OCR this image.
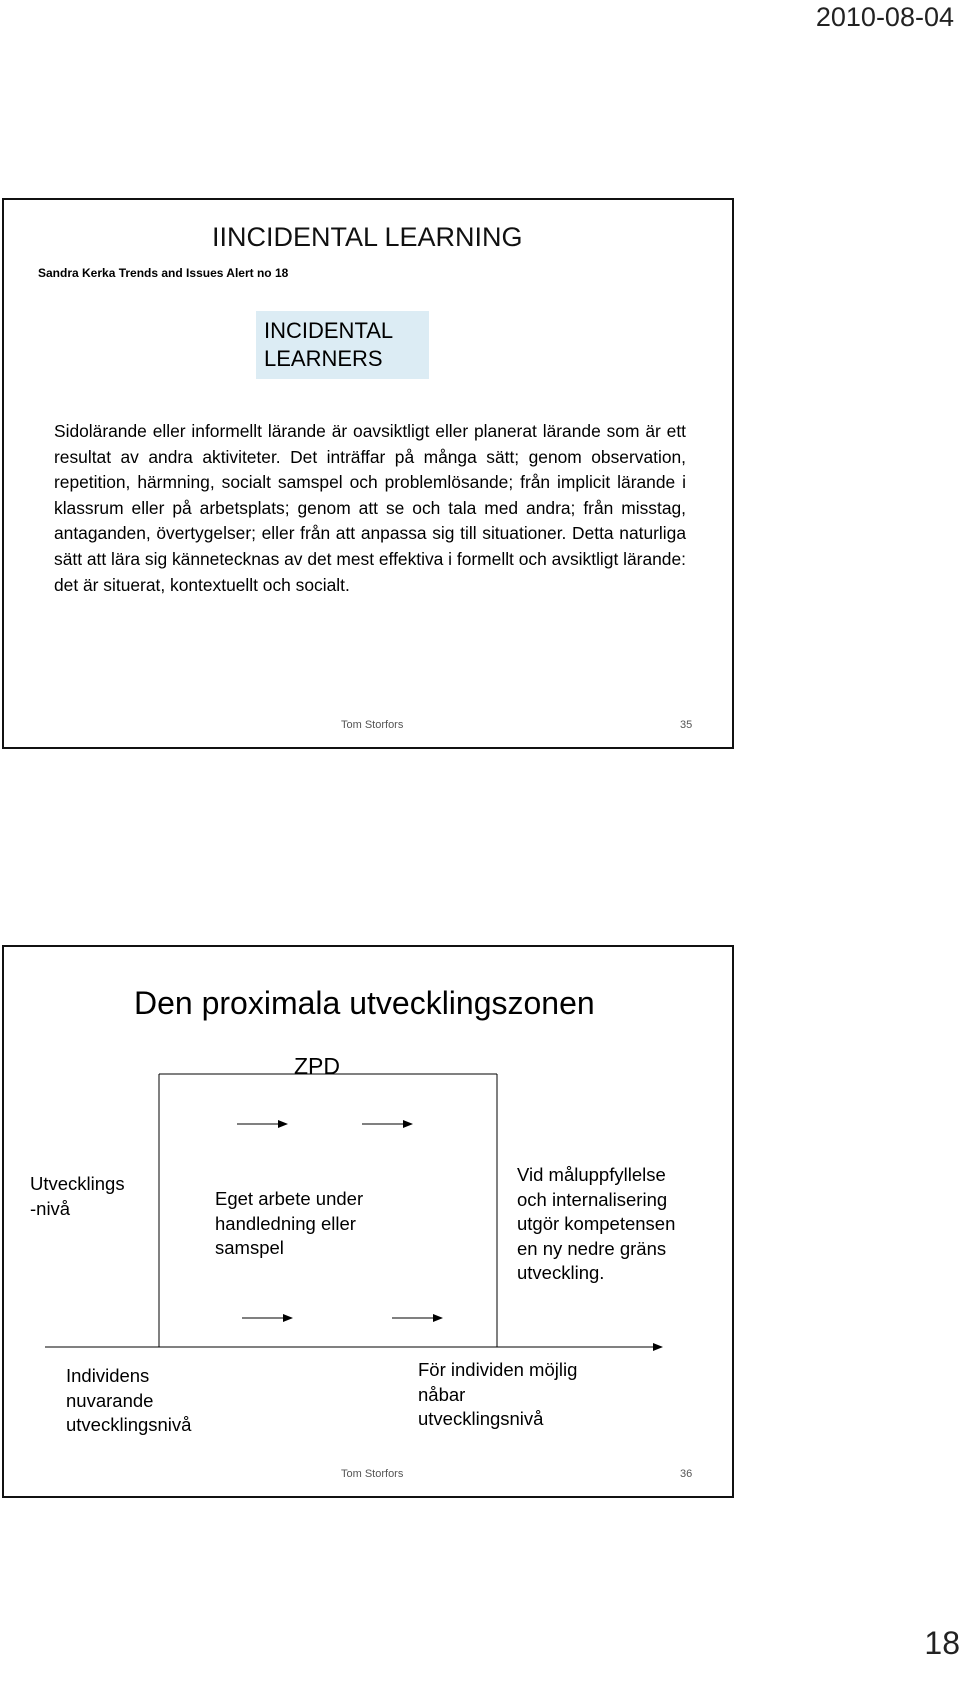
2010-08-04
IINCIDENTAL LEARNING
Sandra Kerka Trends and Issues Alert no 18
INCIDENTAL
LEARNERS
Sidolärande eller informellt lärande är oavsiktligt eller planerat lärande som är ett resultat av andra aktiviteter. Det inträffar på många sätt; genom observation, repetition, härmning, socialt samspel och problemlösande; från implicit lärande i klassrum eller på arbetsplats; genom att se och tala med andra; från misstag, antaganden, övertygelser; eller från att anpassa sig till situationer. Detta naturliga sätt att lära sig kännetecknas av det mest effektiva i formellt och avsiktligt lärande: det är situerat, kontextuellt och socialt.
Tom Storfors	35
Den proximala utvecklingszonen
ZPD
Utvecklings
-nivå	Eget arbete under
handledning eller
samspel
Vid måluppfyllelse
och internalisering
utgör kompetensen
en ny nedre gräns
utveckling.
Individens
nuvarande
utvecklingsnivå
För individen möjlig
nåbar
utvecklingsnivå
Tom Storfors	36
18
